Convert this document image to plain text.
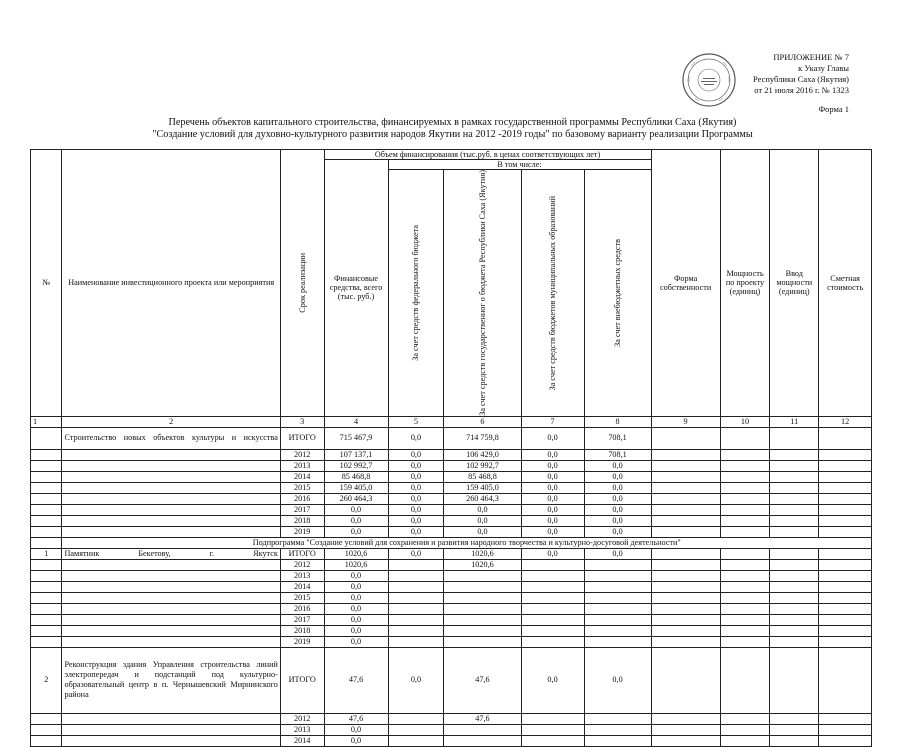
ПРИЛОЖЕНИЕ № 7
к Указу Главы
Республики Саха (Якутия)
от 21 июля 2016 г. № 1323
Форма 1
Перечень объектов капитального строительства, финансируемых в рамках государственной программы Республики Саха (Якутия)
"Создание условий для духовно-культурного развития народов Якутии на 2012 -2019 годы" по базовому варианту реализации Программы
№	Наименование инвестиционного проекта или мероприятия	Срок реализации	Объем финансирования (тыс.руб. в ценах соответствующих лет)					Форма собственности	Мощность по проекту (единиц)	Ввод мощности (единиц)	Сметная стоимость
			Финансовые средства, всего (тыс. руб.)	В том числе:							

				За счет средств федерального бюджета	За счет средств государственног о бюджета Республики Саха (Якутия)	За счет средств бюджетов муниципальных образований	За счет внебюджетных средств				

1	2	3	4	5	6	7	8	9	10	11	12
	Строительство новых объектов культуры и искусства	ИТОГО	715 467,9	0,0	714 759,8	0,0	708,1				
		2012	107 137,1	0,0	106 429,0	0,0	708,1				
		2013	102 992,7	0,0	102 992,7	0,0	0,0				
		2014	85 468,8	0,0	85 468,8	0,0	0,0				
		2015	159 405,0	0,0	159 405,0	0,0	0,0				
		2016	260 464,3	0,0	260 464,3	0,0	0,0				
		2017	0,0	0,0	0,0	0,0	0,0				
		2018	0,0	0,0	0,0	0,0	0,0				
		2019	0,0	0,0	0,0	0,0	0,0				
	Подпрограмма "Создание условий для сохранения и развития народного творчества и культурно-досуговой деятельности"										
1	Памятник Бекетову, г. Якутск	ИТОГО	1020,6	0,0	1020,6	0,0	0,0				
		2012	1020,6		1020,6						
		2013	0,0								
		2014	0,0								
		2015	0,0								
		2016	0,0								
		2017	0,0								
		2018	0,0								
		2019	0,0								
2	Реконструкция здания Управления строительства линий электропередач и подстанций под культурно-образовательный центр в п. Чернышевский Мирнинского района	ИТОГО	47,6	0,0	47,6	0,0	0,0				
		2012	47,6		47,6						
		2013	0,0								
		2014	0,0								
